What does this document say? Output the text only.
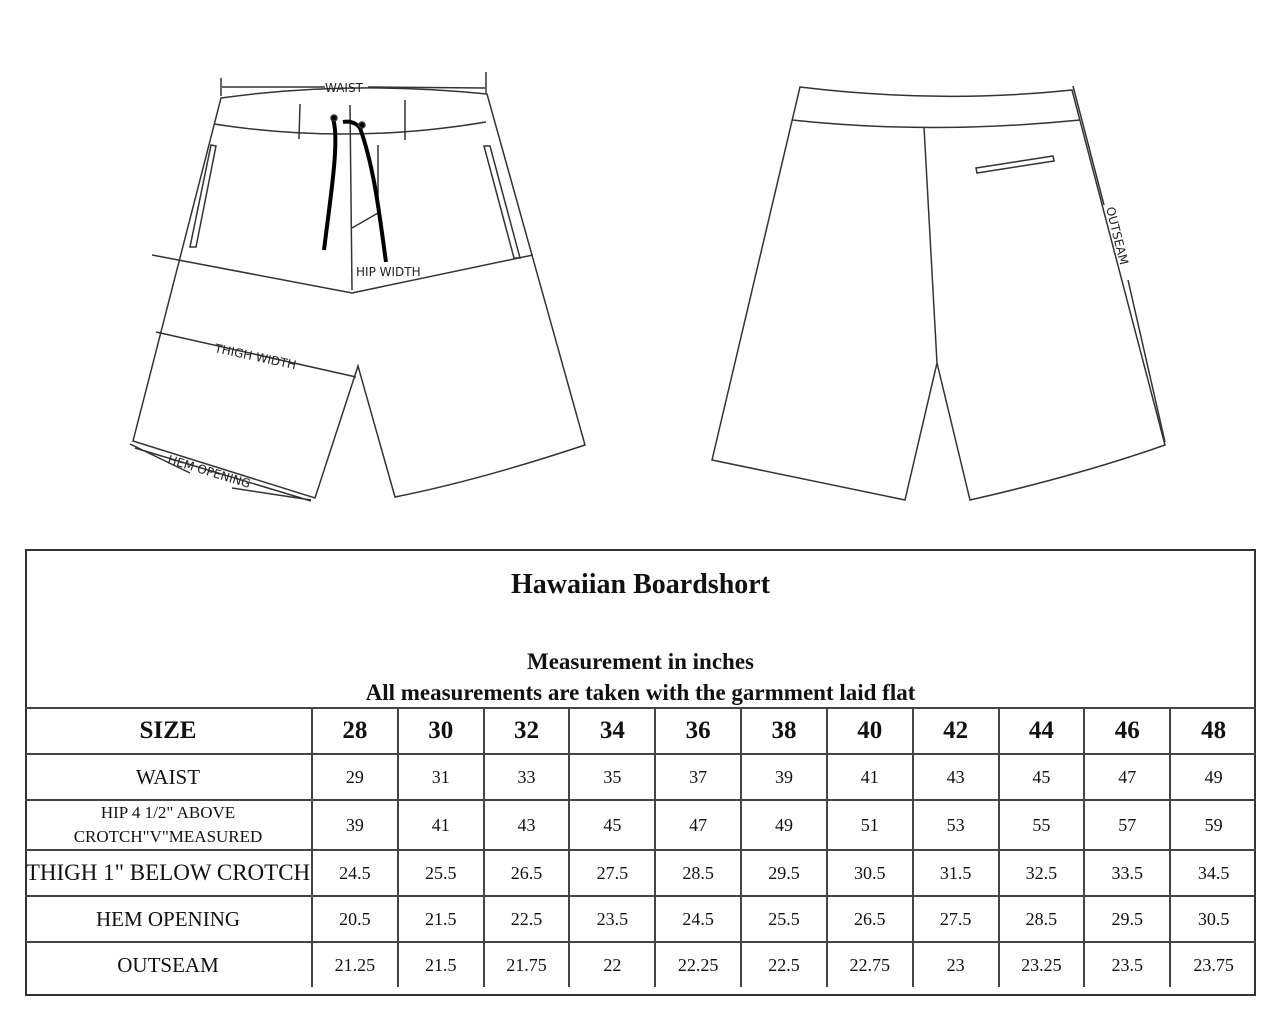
WAIST
HIP WIDTH
THIGH WIDTH
HEM OPENING
OUTSEAM
Hawaiian Boardshort
Measurement in inches
All measurements are taken with the garmment laid flat
SIZE	28	30	32	34	36	38	40	42	44	46	48
WAIST	29	31	33	35	37	39	41	43	45	47	49
HIP 4 1/2" ABOVE CROTCH"V"MEASURED	39	41	43	45	47	49	51	53	55	57	59
THIGH 1" BELOW CROTCH	24.5	25.5	26.5	27.5	28.5	29.5	30.5	31.5	32.5	33.5	34.5
HEM OPENING	20.5	21.5	22.5	23.5	24.5	25.5	26.5	27.5	28.5	29.5	30.5
OUTSEAM	21.25	21.5	21.75	22	22.25	22.5	22.75	23	23.25	23.5	23.75
